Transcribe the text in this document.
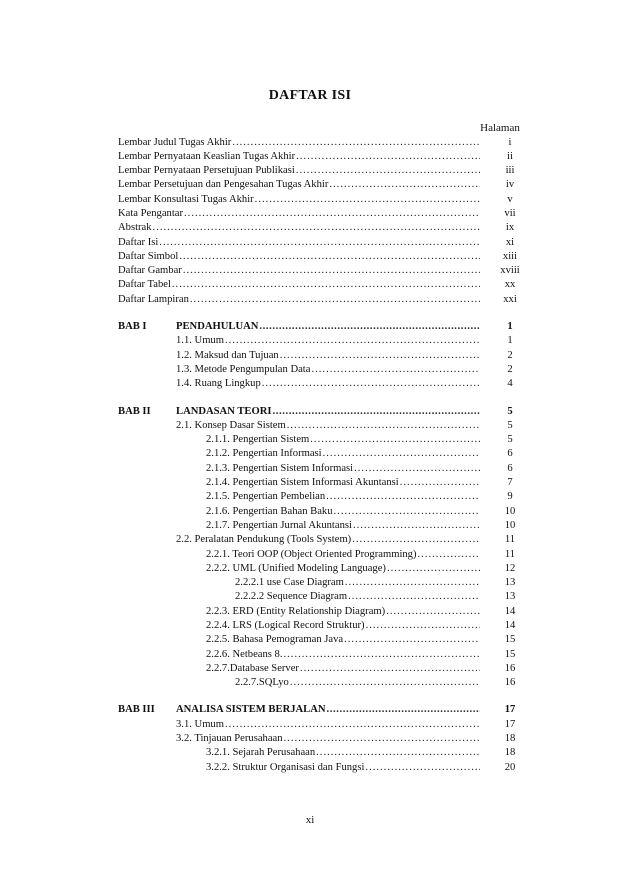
DAFTAR ISI
Halaman
Lembar Judul Tugas Akhir .....	i
Lembar Pernyataan Keaslian Tugas Akhir .....	ii
Lembar Pernyataan Persetujuan Publikasi .....	iii
Lembar Persetujuan dan Pengesahan Tugas Akhir .....	iv
Lembar Konsultasi Tugas Akhir .....	v
Kata Pengantar .....	vii
Abstrak .....	ix
Daftar Isi .....	xi
Daftar Simbol .....	xiii
Daftar Gambar .....	xviii
Daftar Tabel .....	xx
Daftar Lampiran .....	xxi
BAB I	PENDAHULUAN .....	1
1.1. Umum .....	1
1.2. Maksud dan Tujuan .....	2
1.3. Metode Pengumpulan Data .....	2
1.4. Ruang Lingkup .....	4
BAB II LANDASAN TEORI .....	5
2.1. Konsep Dasar Sistem .....	5
2.1.1. Pengertian Sistem .....	5
2.1.2. Pengertian Informasi .....	6
2.1.3. Pengertian Sistem Informasi .....	6
2.1.4. Pengertian Sistem Informasi Akuntansi .....	7
2.1.5. Pengertian Pembelian .....	9
2.1.6. Pengertian Bahan Baku .....	10
2.1.7. Pengertian Jurnal Akuntansi .....	10
2.2. Peralatan Pendukung (Tools System) .....	11
2.2.1. Teori OOP (Object Oriented Programming) .....	11
2.2.2. UML (Unified Modeling Language) .....	12
2.2.2.1 use Case Diagram .....	13
2.2.2.2 Sequence Diagram .....	13
2.2.3. ERD (Entity Relationship Diagram) .....	14
2.2.4. LRS (Logical Record Struktur) .....	14
2.2.5. Bahasa Pemograman Java .....	15
2.2.6. Netbeans 8. .....	15
2.2.7.Database Server .....	16
2.2.7.SQLyo .....	16
BAB III ANALISA SISTEM BERJALAN .....	17
3.1. Umum .....	17
3.2. Tinjauan Perusahaan .....	18
3.2.1. Sejarah Perusahaan .....	18
3.2.2. Struktur Organisasi dan Fungsi .....	20
xi
